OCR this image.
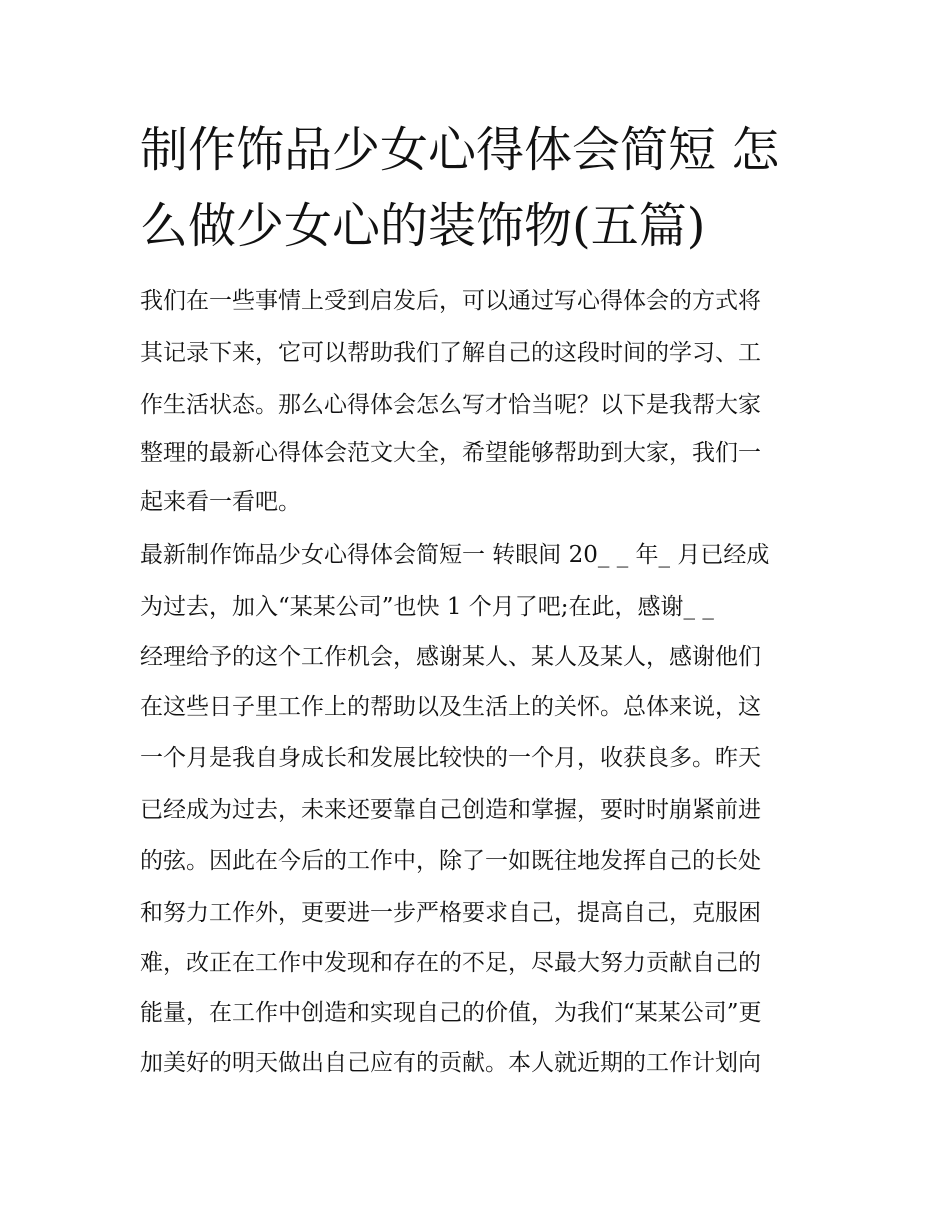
制作饰品少女心得体会简短 怎
么做少女心的装饰物(五篇)
我们在一些事情上受到启发后，可以通过写心得体会的方式将
其记录下来，它可以帮助我们了解自己的这段时间的学习、工
作生活状态。那么心得体会怎么写才恰当呢？以下是我帮大家
整理的最新心得体会范文大全，希望能够帮助到大家，我们一
起来看一看吧。
最新制作饰品少女心得体会简短一 转眼间 20_ _ 年_ 月已经成
为过去，加入“某某公司”也快 1 个月了吧;在此，感谢_ _
经理给予的这个工作机会，感谢某人、某人及某人，感谢他们
在这些日子里工作上的帮助以及生活上的关怀。总体来说，这
一个月是我自身成长和发展比较快的一个月，收获良多。昨天
已经成为过去，未来还要靠自己创造和掌握，要时时崩紧前进
的弦。因此在今后的工作中，除了一如既往地发挥自己的长处
和努力工作外，更要进一步严格要求自己，提高自己，克服困
难，改正在工作中发现和存在的不足，尽最大努力贡献自己的
能量，在工作中创造和实现自己的价值，为我们“某某公司”更
加美好的明天做出自己应有的贡献。本人就近期的工作计划向
